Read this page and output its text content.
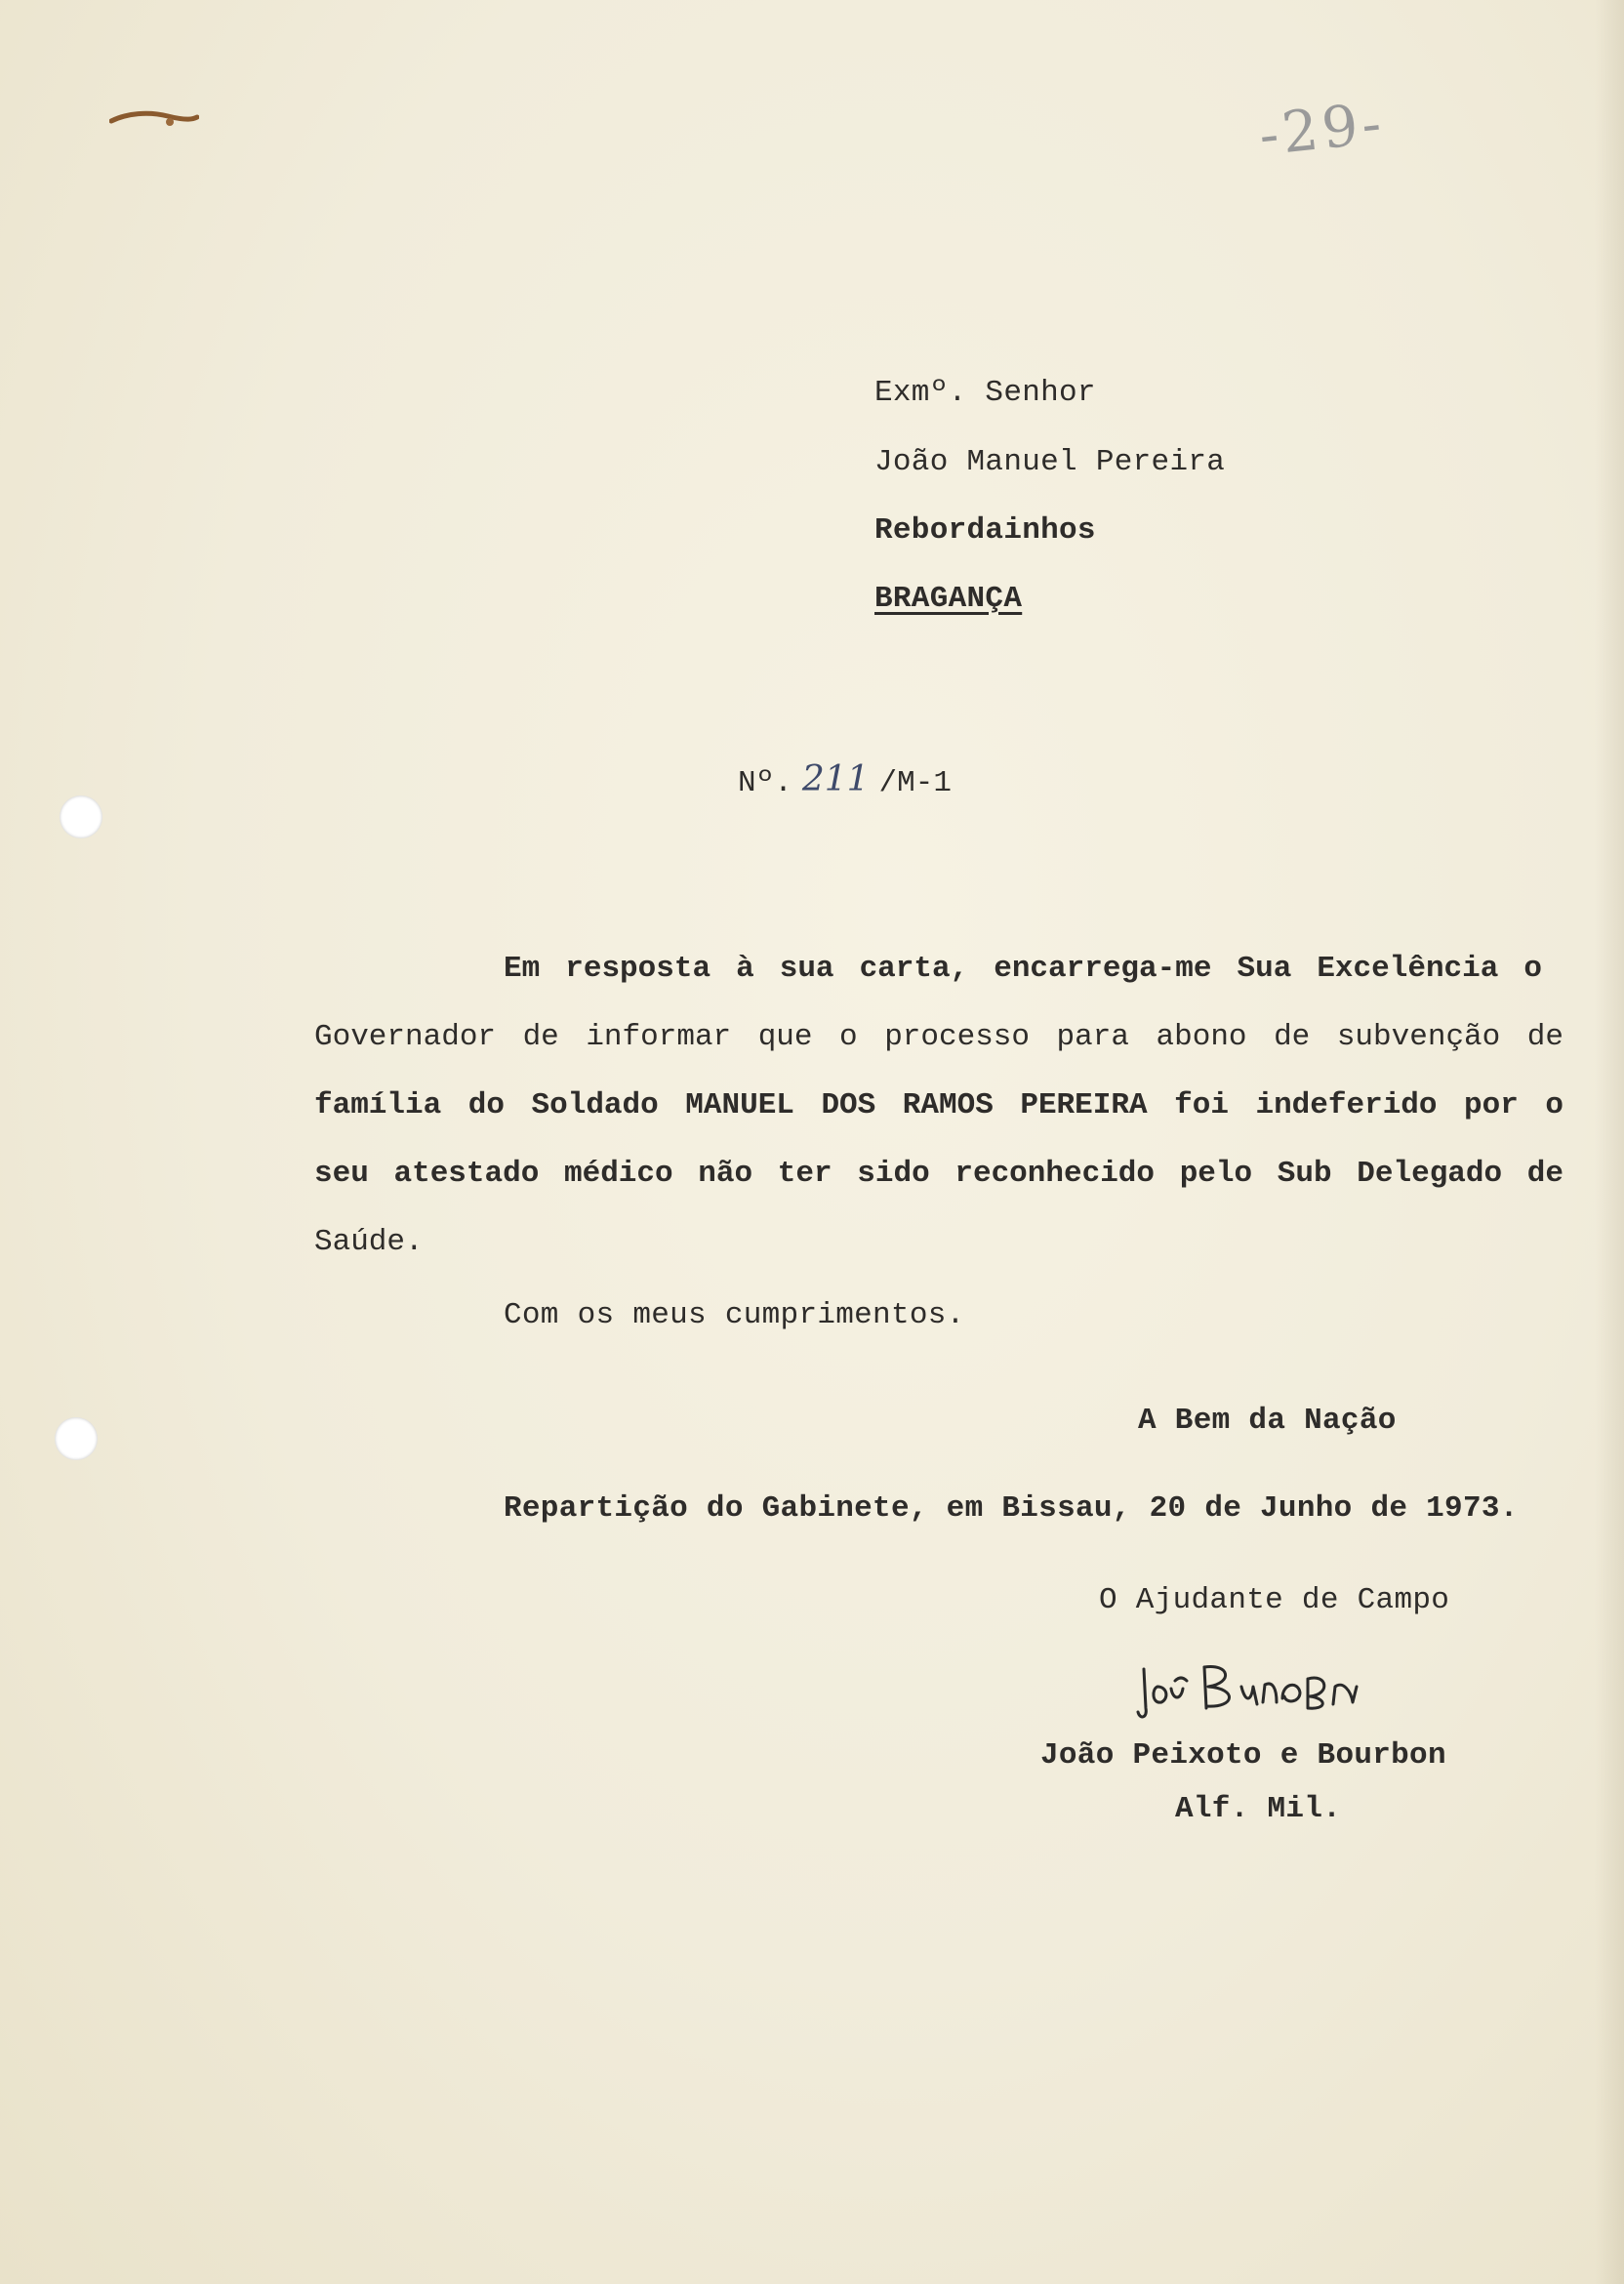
-29-
Exmº. Senhor
João Manuel Pereira
Rebordainhos
BRAGANÇA
Nº. 211 /M-1
Em resposta à sua carta, encarrega-me Sua Excelência o
Governador de informar que o processo para abono de subvenção de
família do Soldado MANUEL DOS RAMOS PEREIRA foi indeferido por o
seu atestado médico não ter sido reconhecido pelo Sub Delegado de
Saúde.
Com os meus cumprimentos.
A Bem da Nação
Repartição do Gabinete, em Bissau, 20 de Junho de 1973.
O Ajudante de Campo
João Peixoto e Bourbon
Alf. Mil.
